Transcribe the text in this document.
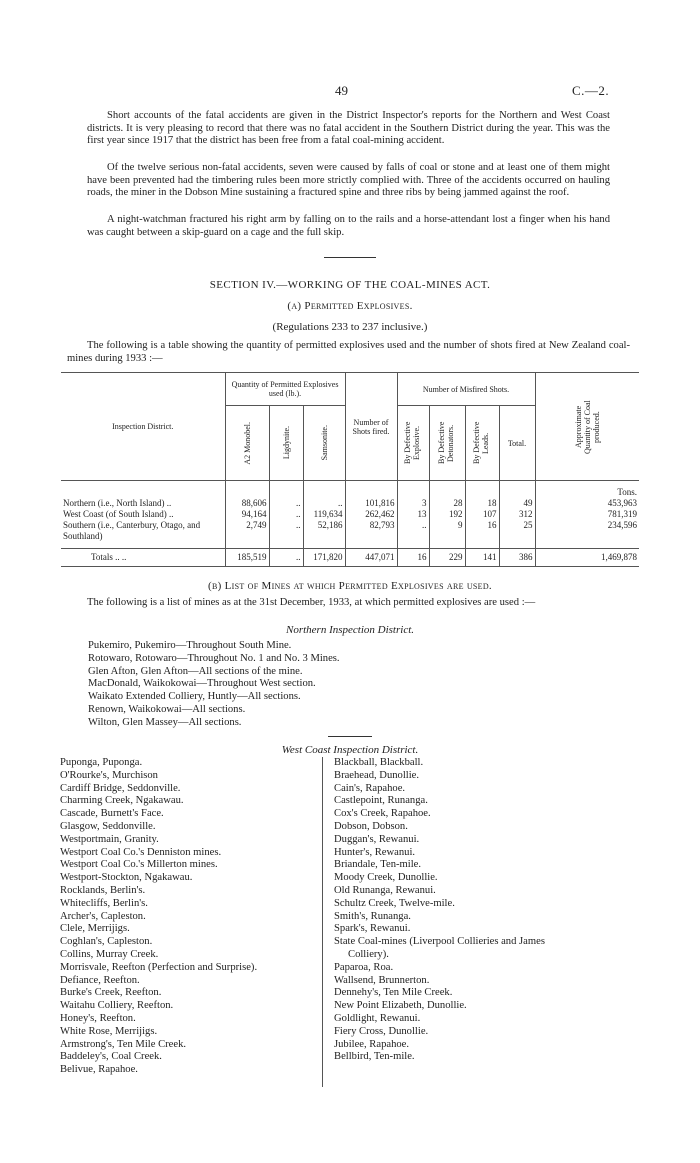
49	C.—2.
Short accounts of the fatal accidents are given in the District Inspector's reports for the Northern and West Coast districts. It is very pleasing to record that there was no fatal accident in the Southern District during the year. This was the first year since 1917 that the district has been free from a fatal coal-mining accident.
Of the twelve serious non-fatal accidents, seven were caused by falls of coal or stone and at least one of them might have been prevented had the timbering rules been more strictly complied with. Three of the accidents occurred on hauling roads, the miner in the Dobson Mine sustaining a fractured spine and three ribs by being jammed against the roof.
A night-watchman fractured his right arm by falling on to the rails and a horse-attendant lost a finger when his hand was caught between a skip-guard on a cage and the full skip.
SECTION IV.—WORKING OF THE COAL-MINES ACT.
(a) Permitted Explosives.
(Regulations 233 to 237 inclusive.)
The following is a table showing the quantity of permitted explosives used and the number of shots fired at New Zealand coal-mines during 1933 :—
Inspection District.	Quantity of Permitted Explosives used (lb.).			Number of Shots fired.	Number of Misfired Shots.				Approximate Quantity of Coal produced.

	A2 Monobel.	Ligdynite.	Samsonite.		By Defective Explosive.	By Defective Detonators.	By Defective Leads.	Total.	
									Tons.
Northern (i.e., North Island) ..	88,606	..	..	101,816	3	28	18	49	453,963
West Coast (of South Island) ..	94,164	..	119,634	262,462	13	192	107	312	781,319
Southern (i.e., Canterbury, Otago, and Southland)	2,749	..	52,186	82,793	..	9	16	25	234,596
Totals .. ..	185,519	..	171,820	447,071	16	229	141	386	1,469,878
(b) List of Mines at which Permitted Explosives are used.
The following is a list of mines as at the 31st December, 1933, at which permitted explosives are used :—
Northern Inspection District.
Pukemiro, Pukemiro—Throughout South Mine.
Rotowaro, Rotowaro—Throughout No. 1 and No. 3 Mines.
Glen Afton, Glen Afton—All sections of the mine.
MacDonald, Waikokowai—Throughout West section.
Waikato Extended Colliery, Huntly—All sections.
Renown, Waikokowai—All sections.
Wilton, Glen Massey—All sections.
West Coast Inspection District.
Puponga, Puponga.
O'Rourke's, Murchison
Cardiff Bridge, Seddonville.
Charming Creek, Ngakawau.
Cascade, Burnett's Face.
Glasgow, Seddonville.
Westportmain, Granity.
Westport Coal Co.'s Denniston mines.
Westport Coal Co.'s Millerton mines.
Westport-Stockton, Ngakawau.
Rocklands, Berlin's.
Whitecliffs, Berlin's.
Archer's, Capleston.
Clele, Merrijigs.
Coghlan's, Capleston.
Collins, Murray Creek.
Morrisvale, Reefton (Perfection and Surprise).
Defiance, Reefton.
Burke's Creek, Reefton.
Waitahu Colliery, Reefton.
Honey's, Reefton.
White Rose, Merrijigs.
Armstrong's, Ten Mile Creek.
Baddeley's, Coal Creek.
Belivue, Rapahoe.
Blackball, Blackball.
Braehead, Dunollie.
Cain's, Rapahoe.
Castlepoint, Runanga.
Cox's Creek, Rapahoe.
Dobson, Dobson.
Duggan's, Rewanui.
Hunter's, Rewanui.
Briandale, Ten-mile.
Moody Creek, Dunollie.
Old Runanga, Rewanui.
Schultz Creek, Twelve-mile.
Smith's, Runanga.
Spark's, Rewanui.
State Coal-mines (Liverpool Collieries and James
Colliery).
Paparoa, Roa.
Wallsend, Brunnerton.
Dennehy's, Ten Mile Creek.
New Point Elizabeth, Dunollie.
Goldlight, Rewanui.
Fiery Cross, Dunollie.
Jubilee, Rapahoe.
Bellbird, Ten-mile.
